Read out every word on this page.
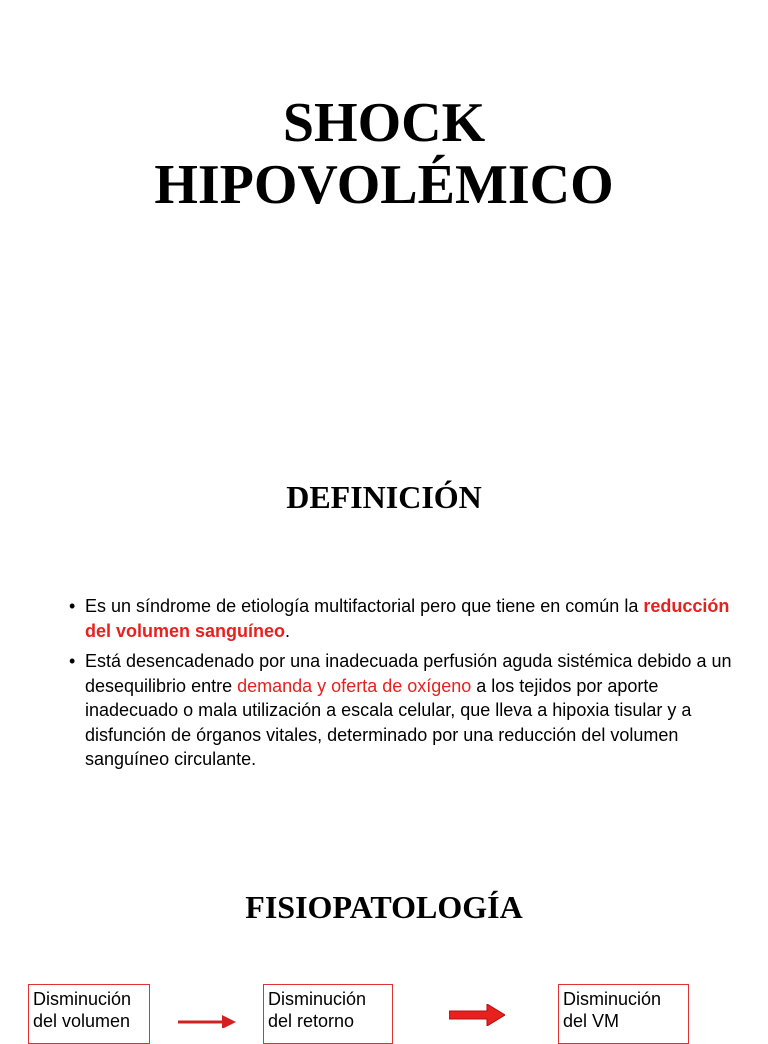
SHOCK
HIPOVOLÉMICO
DEFINICIÓN
• Es un síndrome de etiología multifactorial pero que tiene en común la reducción del volumen sanguíneo.
• Está desencadenado por una inadecuada perfusión aguda sistémica debido a un desequilibrio entre demanda y oferta de oxígeno a los tejidos por aporte inadecuado o mala utilización a escala celular, que lleva a hipoxia tisular y a disfunción de órganos vitales, determinado por una reducción del volumen sanguíneo circulante.
FISIOPATOLOGÍA
Disminución
del volumen
Disminución
del retorno
Disminución
del VM
